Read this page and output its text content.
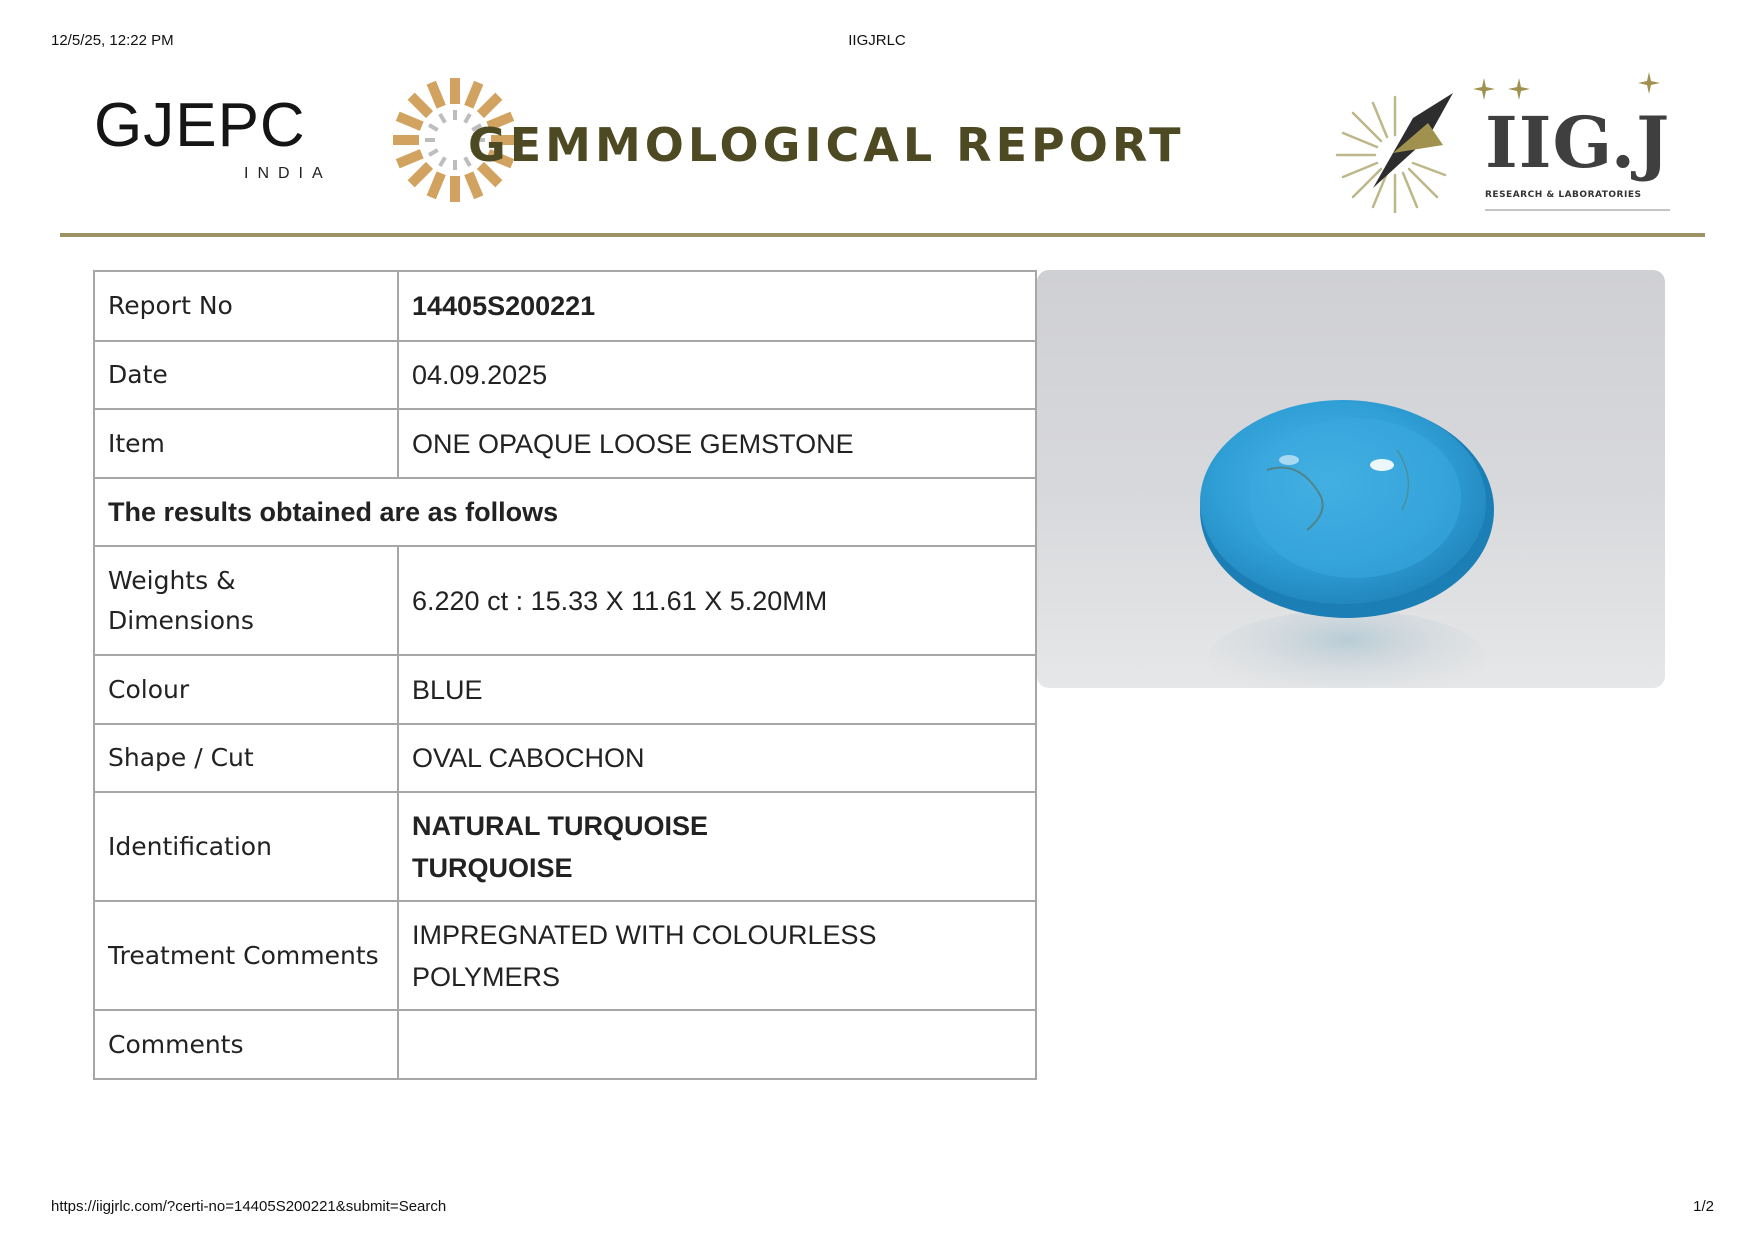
12/5/25, 12:22 PM	IIGJRLC
GJEPC
INDIA
GEMMOLOGICAL REPORT	IIG.J
RESEARCH & LABORATORIES
Report No	14405S200221
Date	04.09.2025
Item	ONE OPAQUE LOOSE GEMSTONE
The results obtained are as follows	

Weights &
Dimensions	6.220 ct : 15.33 X 11.61 X 5.20MM
Colour	BLUE
Shape / Cut	OVAL CABOCHON
Identification	NATURAL TURQUOISE
TURQUOISE

Treatment Comments	IMPREGNATED WITH COLOURLESS
POLYMERS

Comments	
https://iigjrlc.com/?certi-no=14405S200221&submit=Search	1/2
